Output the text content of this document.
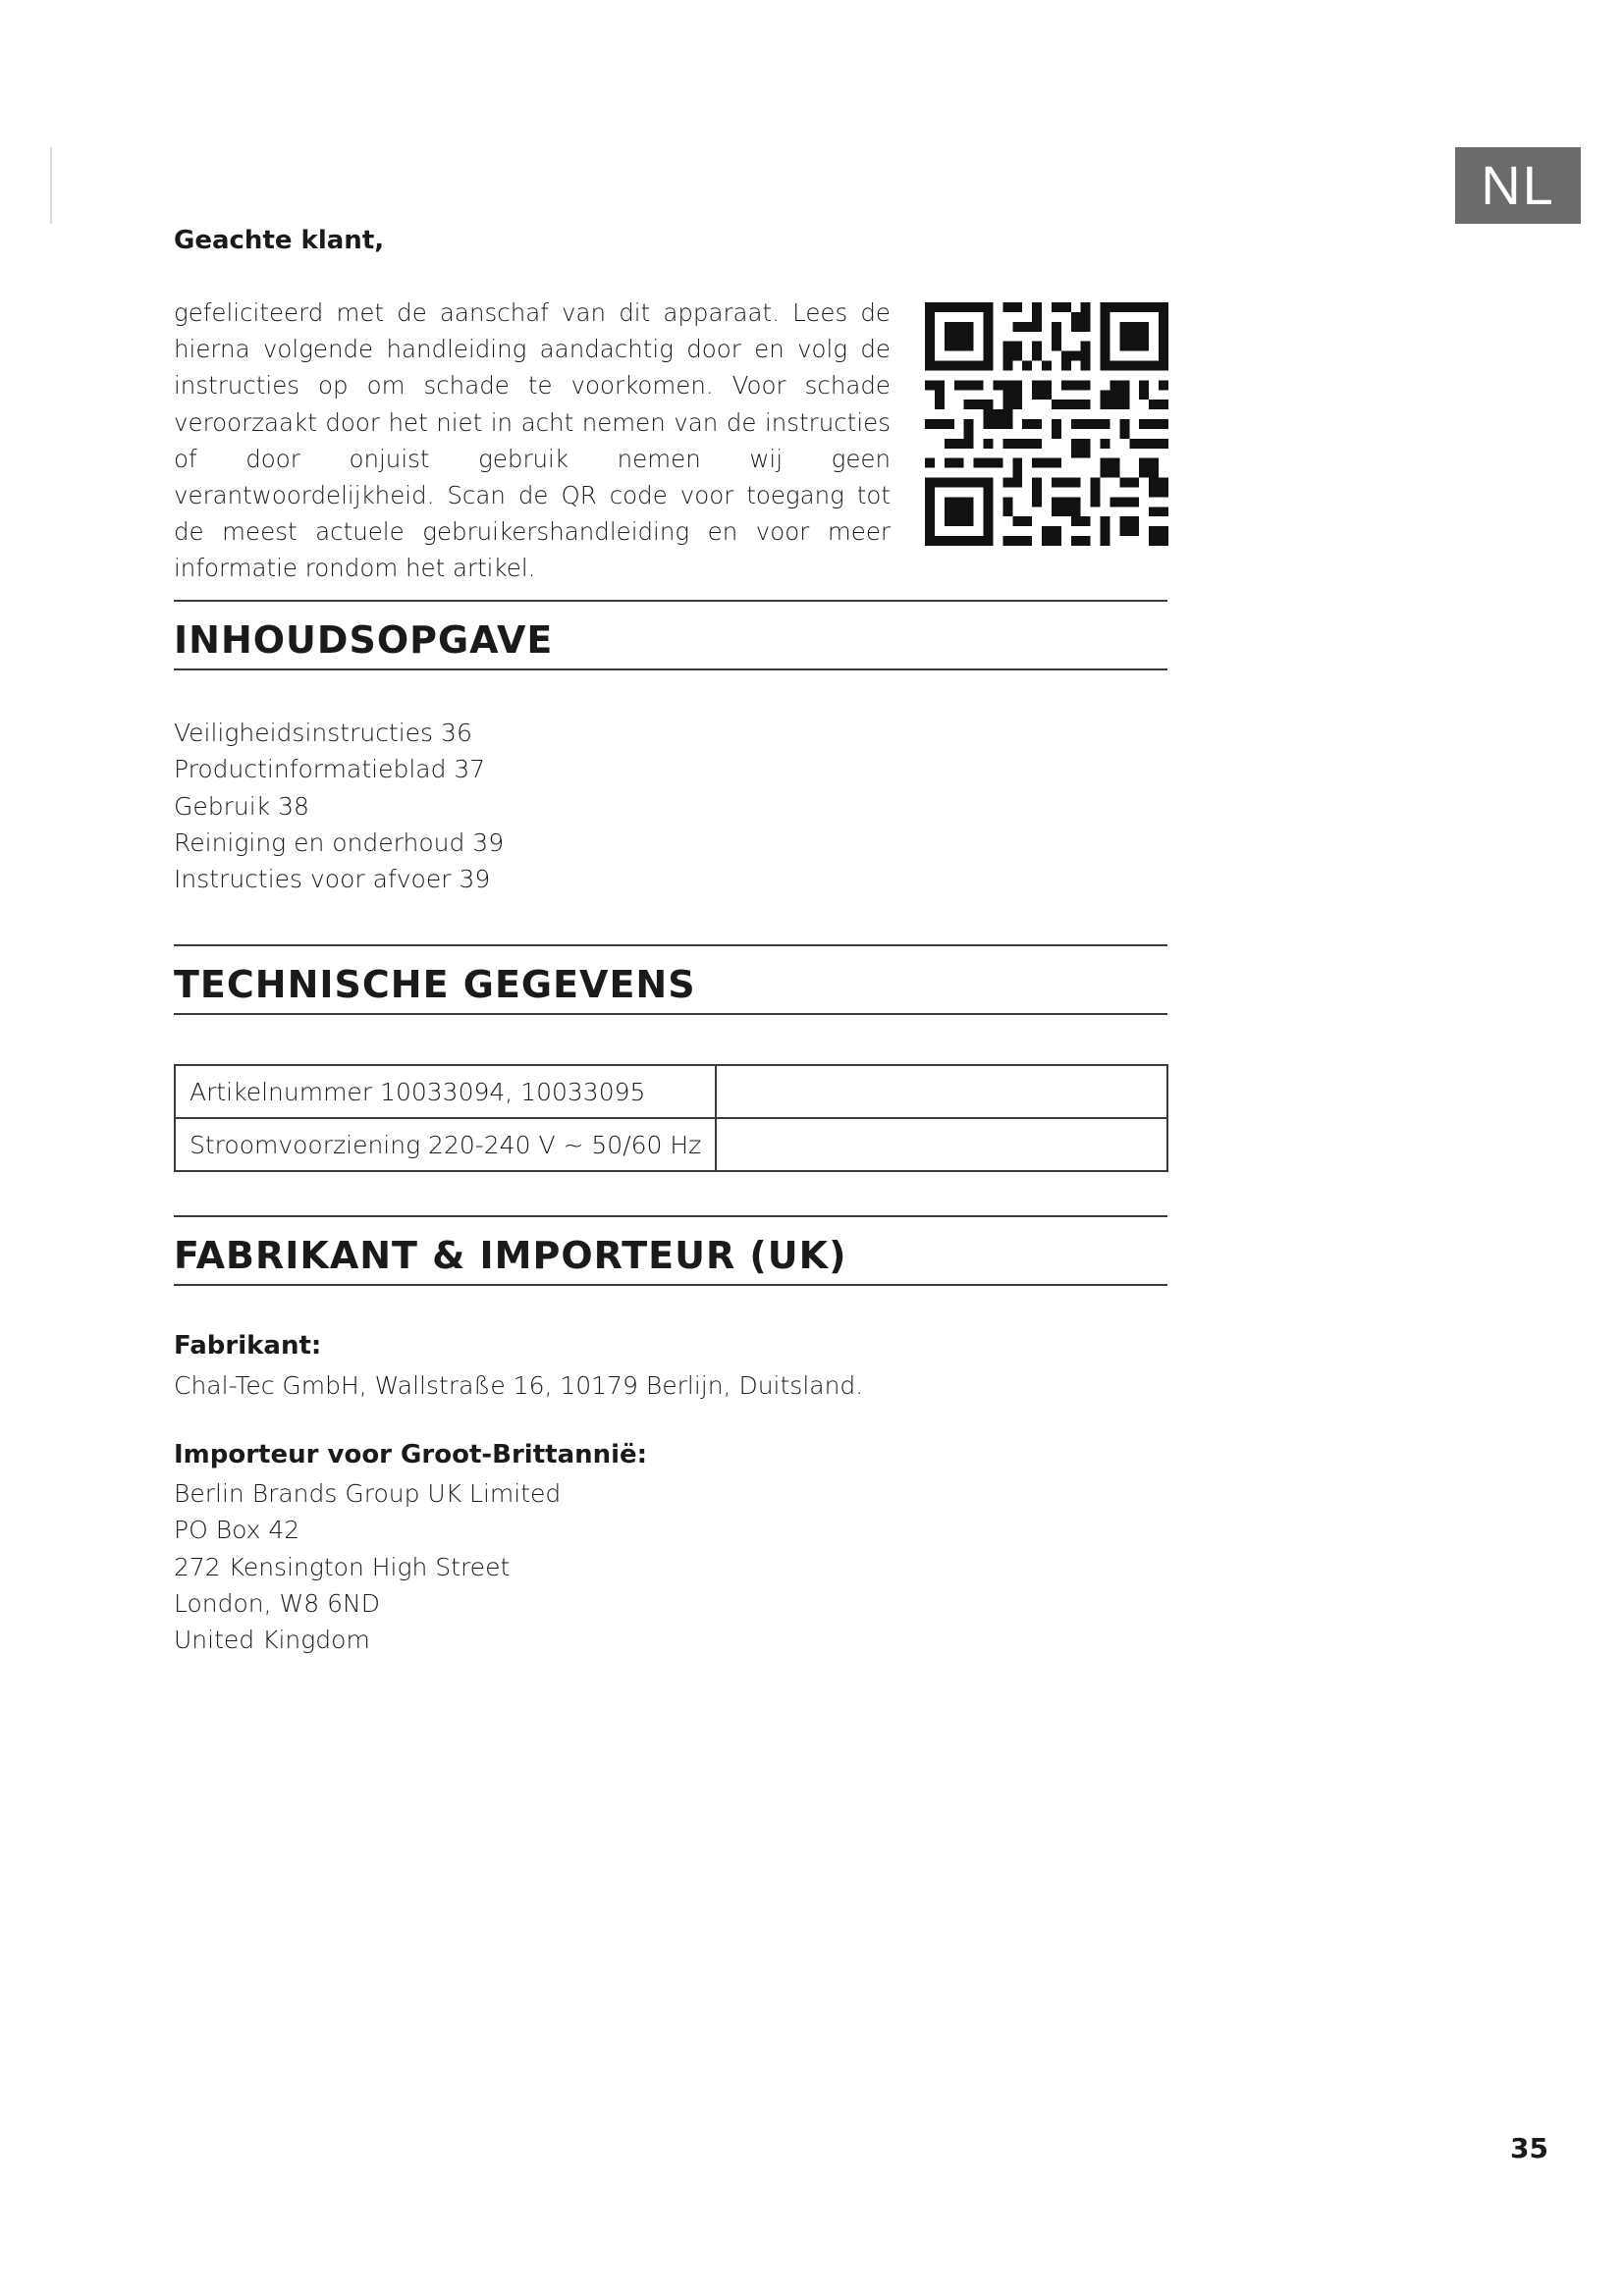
NL
Geachte klant,
gefeliciteerd met de aanschaf van dit apparaat. Lees de hierna volgende handleiding aandachtig door en volg de instructies op om schade te voorkomen. Voor schade veroorzaakt door het niet in acht nemen van de instructies of door onjuist gebruik nemen wij geen verantwoordelijkheid. Scan de QR code voor toegang tot de meest actuele gebruikershandleiding en voor meer informatie rondom het artikel.
INHOUDSOPGAVE
Veiligheidsinstructies 36
Productinformatieblad 37
Gebruik 38
Reiniging en onderhoud 39
Instructies voor afvoer 39
TECHNISCHE GEGEVENS
Artikelnummer 10033094, 10033095	
Stroomvoorziening 220-240 V ~ 50/60 Hz	
FABRIKANT & IMPORTEUR (UK)
Fabrikant:
Chal-Tec GmbH, Wallstraße 16, 10179 Berlijn, Duitsland.
Importeur voor Groot-Brittannië:
Berlin Brands Group UK Limited
PO Box 42
272 Kensington High Street
London, W8 6ND
United Kingdom
35
